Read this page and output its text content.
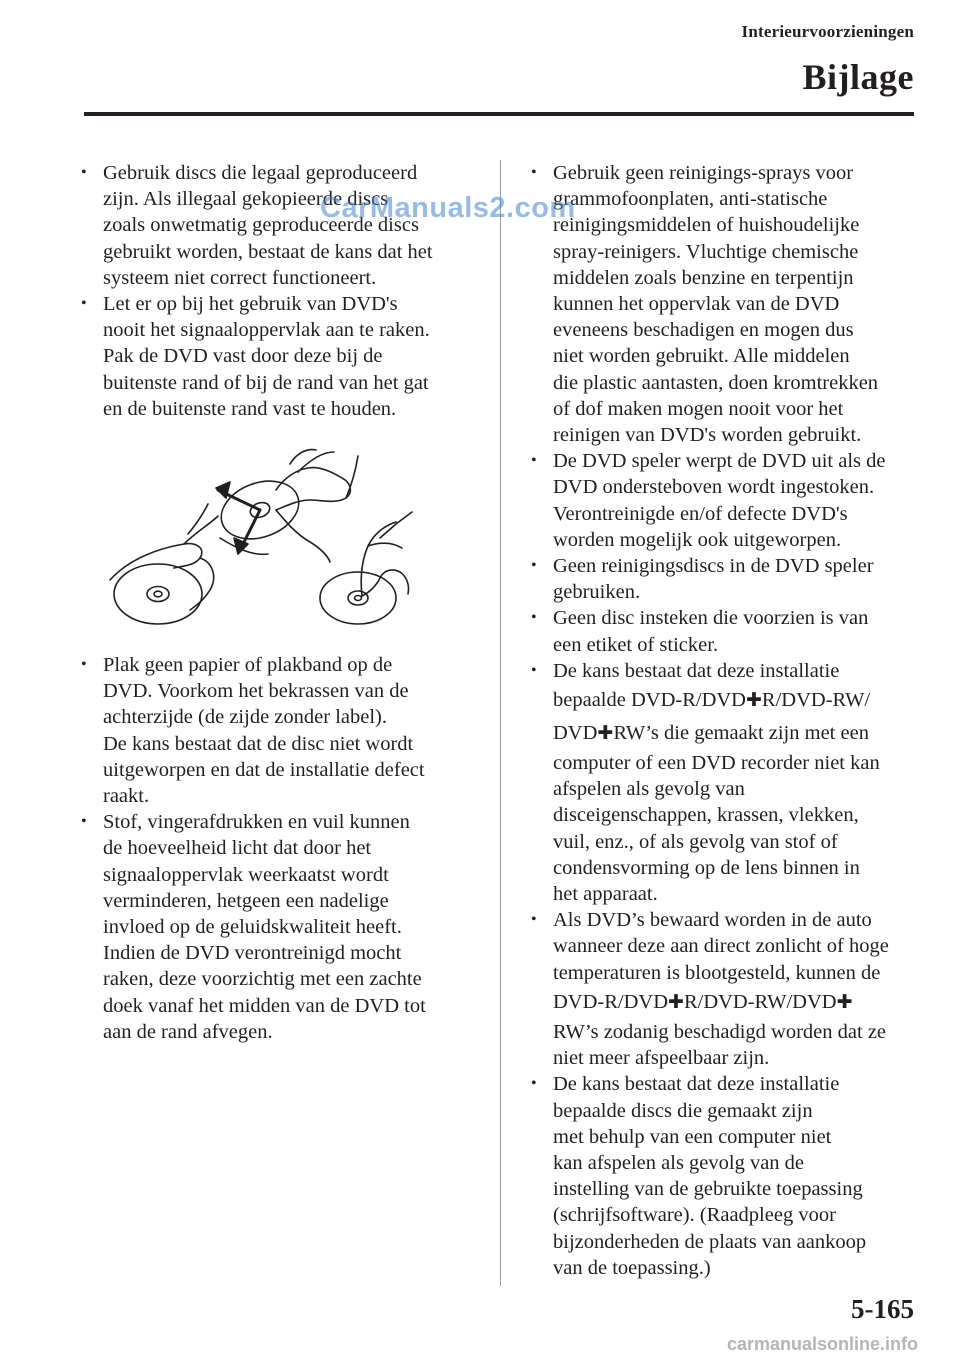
Interieurvoorzieningen
Bijlage

• Gebruik discs die legaal geproduceerd
zijn. Als illegaal gekopieerde discs
zoals onwetmatig geproduceerde discs
gebruikt worden, bestaat de kans dat het
systeem niet correct functioneert.

• Let er op bij het gebruik van DVD's
nooit het signaaloppervlak aan te raken.
Pak de DVD vast door deze bij de
buitenste rand of bij de rand van het gat
en de buitenste rand vast te houden.

• Plak geen papier of plakband op de
DVD. Voorkom het bekrassen van de
achterzijde (de zijde zonder label).
De kans bestaat dat de disc niet wordt
uitgeworpen en dat de installatie defect
raakt.

• Stof, vingerafdrukken en vuil kunnen
de hoeveelheid licht dat door het
signaaloppervlak weerkaatst wordt
verminderen, hetgeen een nadelige
invloed op de geluidskwaliteit heeft.
Indien de DVD verontreinigd mocht
raken, deze voorzichtig met een zachte
doek vanaf het midden van de DVD tot
aan de rand afvegen.

• Gebruik geen reinigings-sprays voor
grammofoonplaten, anti-statische
reinigingsmiddelen of huishoudelijke
spray-reinigers. Vluchtige chemische
middelen zoals benzine en terpentijn
kunnen het oppervlak van de DVD
eveneens beschadigen en mogen dus
niet worden gebruikt. Alle middelen
die plastic aantasten, doen kromtrekken
of dof maken mogen nooit voor het
reinigen van DVD's worden gebruikt.

• De DVD speler werpt de DVD uit als de
DVD ondersteboven wordt ingestoken.
Verontreinigde en/of defecte DVD's
worden mogelijk ook uitgeworpen.

• Geen reinigingsdiscs in de DVD speler
gebruiken.

• Geen disc insteken die voorzien is van
een etiket of sticker.

• De kans bestaat dat deze installatie
bepaalde DVD-R/DVD✚R/DVD-RW/
DVD✚RW’s die gemaakt zijn met een
computer of een DVD recorder niet kan
afspelen als gevolg van
disceigenschappen, krassen, vlekken,
vuil, enz., of als gevolg van stof of
condensvorming op de lens binnen in
het apparaat.

• Als DVD’s bewaard worden in de auto
wanneer deze aan direct zonlicht of hoge
temperaturen is blootgesteld, kunnen de
DVD-R/DVD✚R/DVD-RW/DVD✚
RW’s zodanig beschadigd worden dat ze
niet meer afspeelbaar zijn.

• De kans bestaat dat deze installatie
bepaalde discs die gemaakt zijn
met behulp van een computer niet
kan afspelen als gevolg van de
instelling van de gebruikte toepassing
(schrijfsoftware). (Raadpleeg voor
bijzonderheden de plaats van aankoop
van de toepassing.)

CarManuals2.com
5-165
carmanualsonline.info
